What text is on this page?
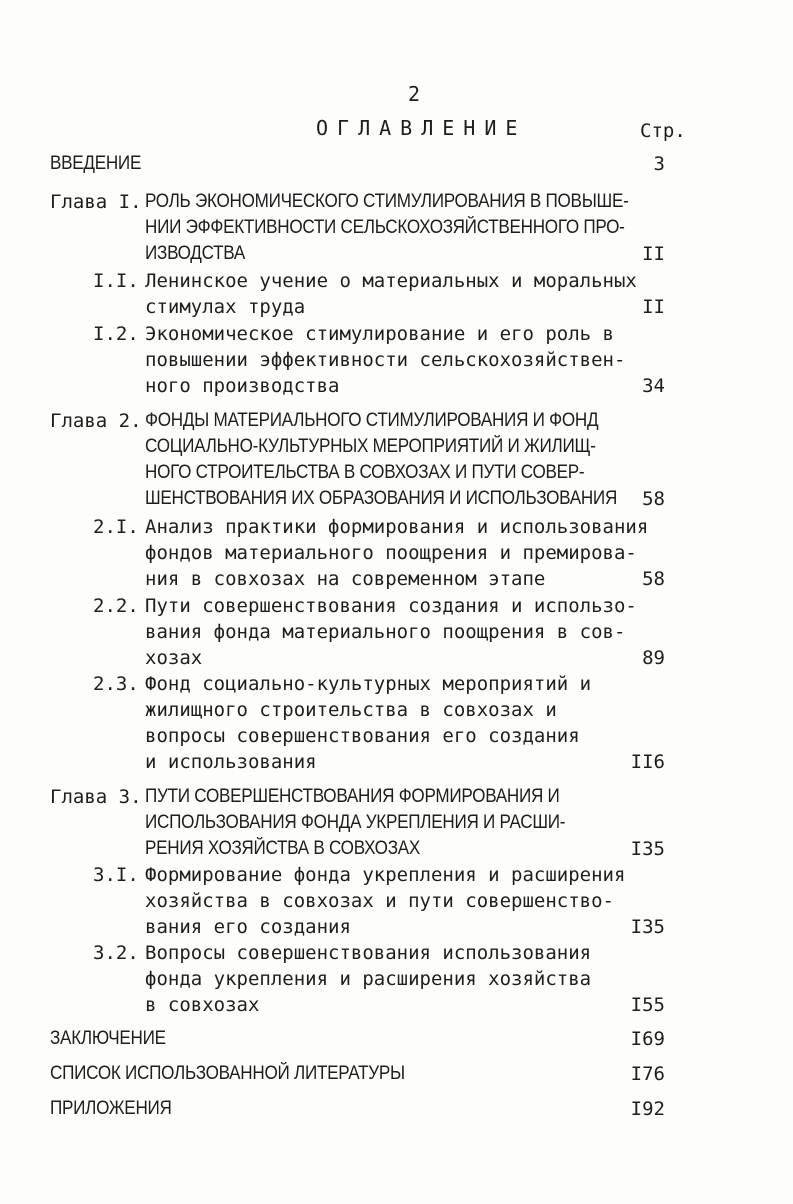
2
ОГЛАВЛЕНИЕ	Стр.
ВВЕДЕНИЕ	3
Глава I. РОЛЬ ЭКОНОМИЧЕСКОГО СТИМУЛИРОВАНИЯ В ПОВЫШЕ-
НИИ ЭФФЕКТИВНОСТИ СЕЛЬСКОХОЗЯЙСТВЕННОГО ПРО-
ИЗВОДСТВА	II
I.I. Ленинское учение о материальных и моральных
стимулах труда	II
I.2. Экономическое стимулирование и его роль в
повышении эффективности сельскохозяйствен-
ного производства	34
Глава 2. ФОНДЫ МАТЕРИАЛЬНОГО СТИМУЛИРОВАНИЯ И ФОНД
СОЦИАЛЬНО-КУЛЬТУРНЫХ МЕРОПРИЯТИЙ И ЖИЛИЩ-
НОГО СТРОИТЕЛЬСТВА В СОВХОЗАХ И ПУТИ СОВЕР-
ШЕНСТВОВАНИЯ ИХ ОБРАЗОВАНИЯ И ИСПОЛЬЗОВАНИЯ 58
2.I. Анализ практики формирования и использования
фондов материального поощрения и премирова-
ния в совхозах на современном этапе	58
2.2. Пути совершенствования создания и использо-
вания фонда материального поощрения в сов-
хозах	89
2.3. Фонд социально-культурных мероприятий и
жилищного строительства в совхозах и
вопросы совершенствования его создания
и использования	II6
Глава 3. ПУТИ СОВЕРШЕНСТВОВАНИЯ ФОРМИРОВАНИЯ И
ИСПОЛЬЗОВАНИЯ ФОНДА УКРЕПЛЕНИЯ И РАСШИ-
РЕНИЯ ХОЗЯЙСТВА В СОВХОЗАХ	I35
3.I. Формирование фонда укрепления и расширения
хозяйства в совхозах и пути совершенство-
вания его создания	I35
3.2. Вопросы совершенствования использования
фонда укрепления и расширения хозяйства
в совхозах	I55
ЗАКЛЮЧЕНИЕ	I69
СПИСОК ИСПОЛЬЗОВАННОЙ ЛИТЕРАТУРЫ	I76
ПРИЛОЖЕНИЯ	I92
